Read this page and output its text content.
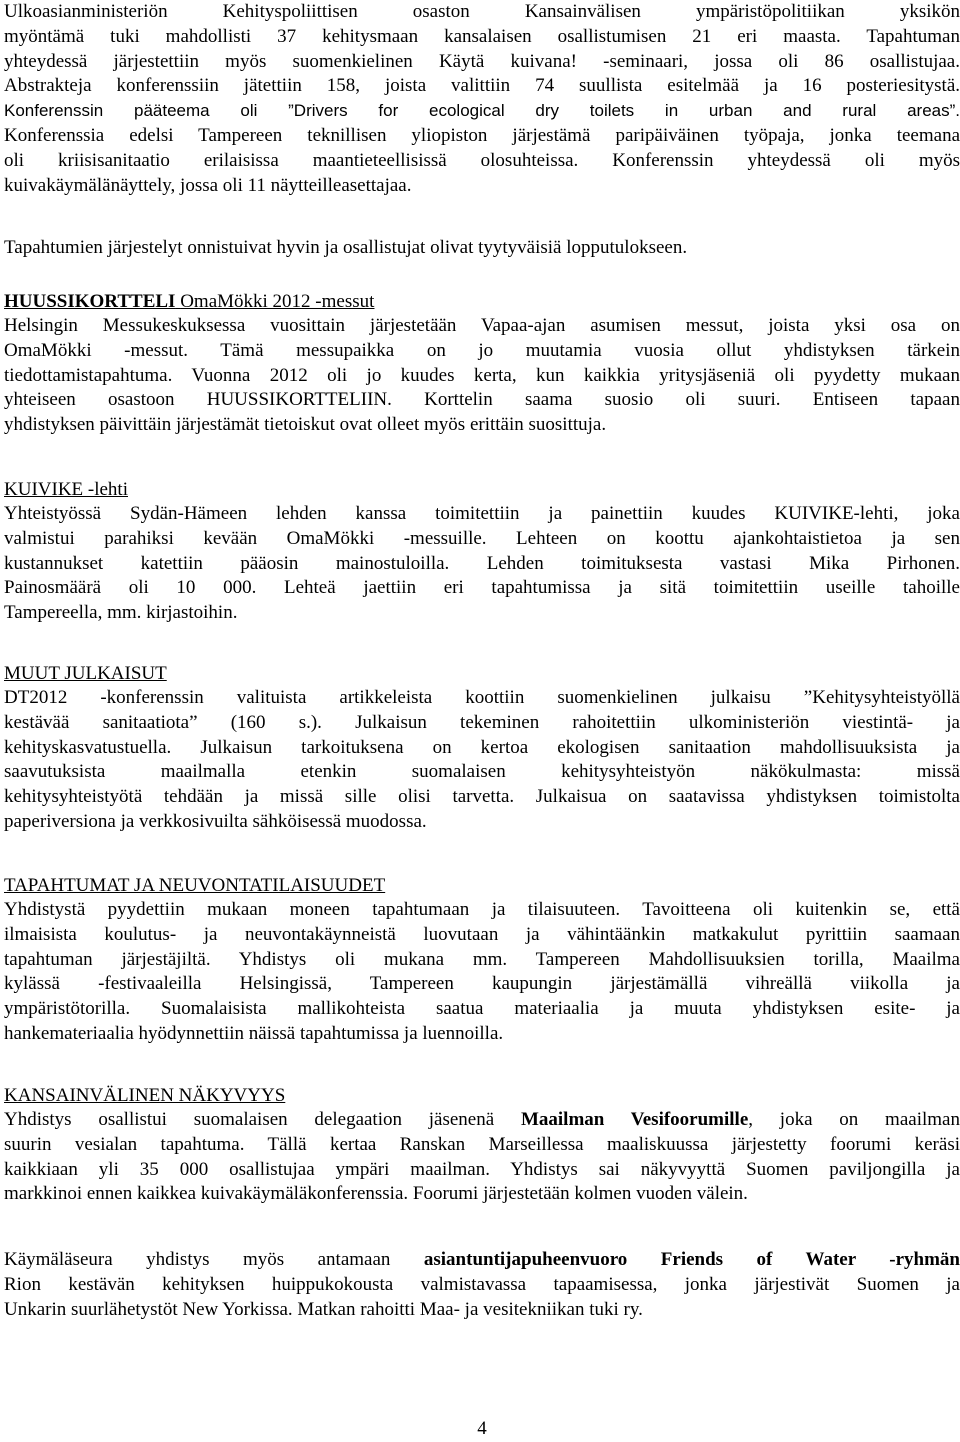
Ulkoasianministeriön Kehityspoliittisen osaston Kansainvälisen ympäristöpolitiikan yksikön
myöntämä tuki mahdollisti 37 kehitysmaan kansalaisen osallistumisen 21 eri maasta. Tapahtuman
yhteydessä järjestettiin myös suomenkielinen Käytä kuivana! -seminaari, jossa oli 86 osallistujaa.
Abstrakteja konferenssiin jätettiin 158, joista valittiin 74 suullista esitelmää ja 16 posteriesitystä.
Konferenssin pääteema oli ”Drivers for ecological dry toilets in urban and rural areas”.
Konferenssia edelsi Tampereen teknillisen yliopiston järjestämä paripäiväinen työpaja, jonka teemana
oli kriisisanitaatio erilaisissa maantieteellisissä olosuhteissa. Konferenssin yhteydessä oli myös
kuivakäymälänäyttely, jossa oli 11 näytteilleasettajaa.
Tapahtumien järjestelyt onnistuivat hyvin ja osallistujat olivat tyytyväisiä lopputulokseen.
HUUSSIKORTTELI OmaMökki 2012 -messut
Helsingin Messukeskuksessa vuosittain järjestetään Vapaa-ajan asumisen messut, joista yksi osa on
OmaMökki -messut. Tämä messupaikka on jo muutamia vuosia ollut yhdistyksen tärkein
tiedottamistapahtuma. Vuonna 2012 oli jo kuudes kerta, kun kaikkia yritysjäseniä oli pyydetty mukaan
yhteiseen osastoon HUUSSIKORTTELIIN. Korttelin saama suosio oli suuri. Entiseen tapaan
yhdistyksen päivittäin järjestämät tietoiskut ovat olleet myös erittäin suosittuja.
KUIVIKE -lehti
Yhteistyössä Sydän-Hämeen lehden kanssa toimitettiin ja painettiin kuudes KUIVIKE-lehti, joka
valmistui parahiksi kevään OmaMökki -messuille. Lehteen on koottu ajankohtaistietoa ja sen
kustannukset katettiin pääosin mainostuloilla. Lehden toimituksesta vastasi Mika Pirhonen.
Painosmäärä oli 10 000. Lehteä jaettiin eri tapahtumissa ja sitä toimitettiin useille tahoille
Tampereella, mm. kirjastoihin.
MUUT JULKAISUT
DT2012 -konferenssin valituista artikkeleista koottiin suomenkielinen julkaisu ”Kehitysyhteistyöllä
kestävää sanitaatiota” (160 s.). Julkaisun tekeminen rahoitettiin ulkoministeriön viestintä- ja
kehityskasvatustuella. Julkaisun tarkoituksena on kertoa ekologisen sanitaation mahdollisuuksista ja
saavutuksista maailmalla etenkin suomalaisen kehitysyhteistyön näkökulmasta: missä
kehitysyhteistyötä tehdään ja missä sille olisi tarvetta. Julkaisua on saatavissa yhdistyksen toimistolta
paperiversiona ja verkkosivuilta sähköisessä muodossa.
TAPAHTUMAT JA NEUVONTATILAISUUDET
Yhdistystä pyydettiin mukaan moneen tapahtumaan ja tilaisuuteen. Tavoitteena oli kuitenkin se, että
ilmaisista koulutus- ja neuvontakäynneistä luovutaan ja vähintäänkin matkakulut pyrittiin saamaan
tapahtuman järjestäjiltä. Yhdistys oli mukana mm. Tampereen Mahdollisuuksien torilla, Maailma
kylässä -festivaaleilla Helsingissä, Tampereen kaupungin järjestämällä vihreällä viikolla ja
ympäristötorilla. Suomalaisista mallikohteista saatua materiaalia ja muuta yhdistyksen esite- ja
hankemateriaalia hyödynnettiin näissä tapahtumissa ja luennoilla.
KANSAINVÄLINEN NÄKYVYYS
Yhdistys osallistui suomalaisen delegaation jäsenenä Maailman Vesifoorumille, joka on maailman
suurin vesialan tapahtuma. Tällä kertaa Ranskan Marseillessa maaliskuussa järjestetty foorumi keräsi
kaikkiaan yli 35 000 osallistujaa ympäri maailman. Yhdistys sai näkyvyyttä Suomen paviljongilla ja
markkinoi ennen kaikkea kuivakäymäläkonferenssia. Foorumi järjestetään kolmen vuoden välein.
Käymäläseura yhdistys myös antamaan asiantuntijapuheenvuoro Friends of Water -ryhmän
Rion kestävän kehityksen huippukokousta valmistavassa tapaamisessa, jonka järjestivät Suomen ja
Unkarin suurlähetystöt New Yorkissa. Matkan rahoitti Maa- ja vesitekniikan tuki ry.
4
